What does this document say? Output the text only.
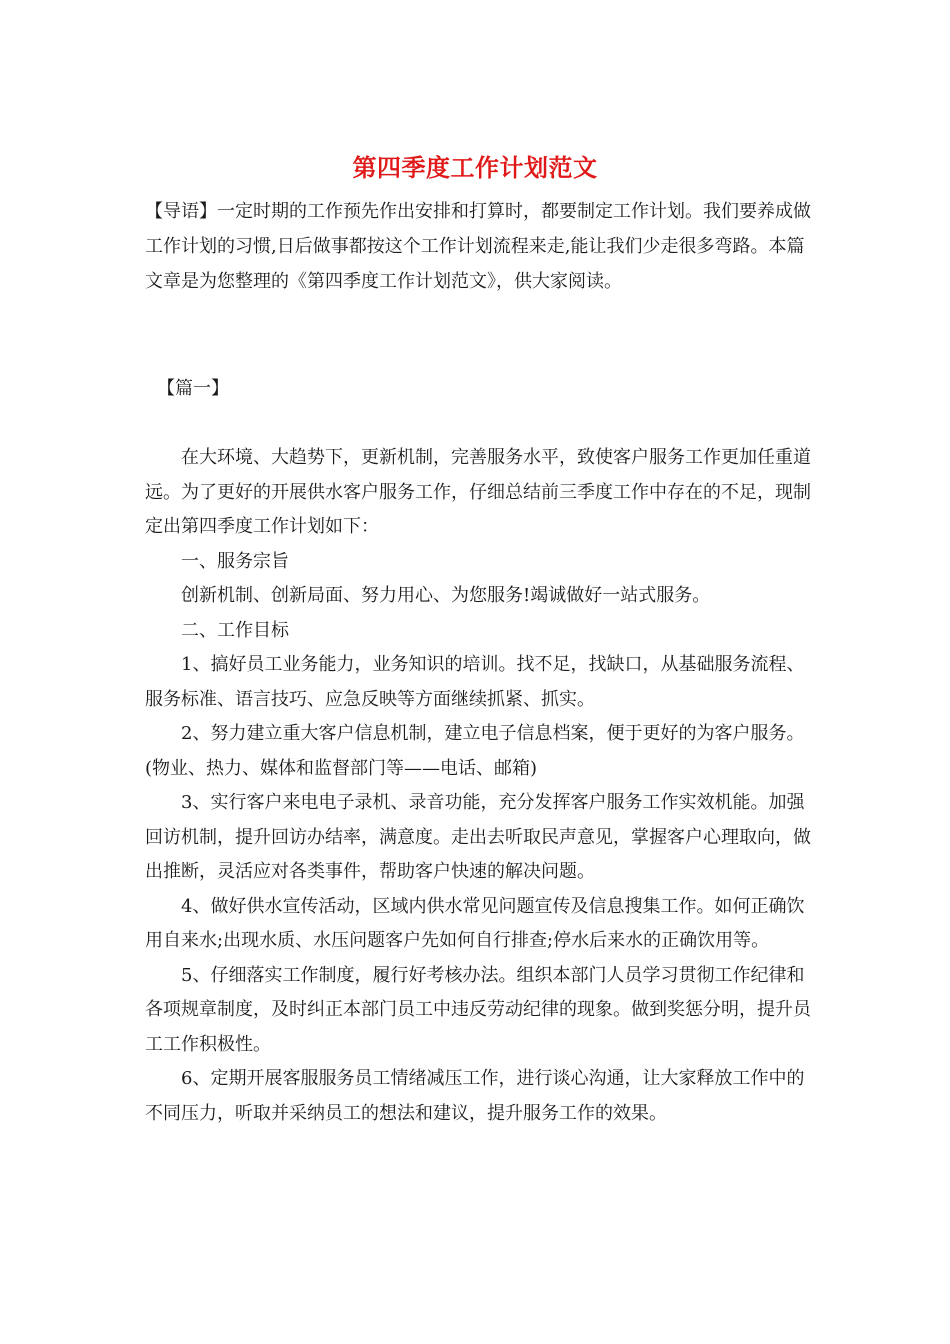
第四季度工作计划范文

【导语】一定时期的工作预先作出安排和打算时，都要制定工作计划。我们要养成做工作计划的习惯,日后做事都按这个工作计划流程来走,能让我们少走很多弯路。本篇文章是为您整理的《第四季度工作计划范文》，供大家阅读。

【篇一】

在大环境、大趋势下，更新机制，完善服务水平，致使客户服务工作更加任重道远。为了更好的开展供水客户服务工作，仔细总结前三季度工作中存在的不足，现制定出第四季度工作计划如下：

一、服务宗旨

创新机制、创新局面、努力用心、为您服务!竭诚做好一站式服务。

二、工作目标

1、搞好员工业务能力，业务知识的培训。找不足，找缺口，从基础服务流程、服务标准、语言技巧、应急反映等方面继续抓紧、抓实。

2、努力建立重大客户信息机制，建立电子信息档案，便于更好的为客户服务。(物业、热力、媒体和监督部门等——电话、邮箱)

3、实行客户来电电子录机、录音功能，充分发挥客户服务工作实效机能。加强回访机制，提升回访办结率，满意度。走出去听取民声意见，掌握客户心理取向，做出推断，灵活应对各类事件，帮助客户快速的解决问题。

4、做好供水宣传活动，区域内供水常见问题宣传及信息搜集工作。如何正确饮用自来水;出现水质、水压问题客户先如何自行排查;停水后来水的正确饮用等。

5、仔细落实工作制度，履行好考核办法。组织本部门人员学习贯彻工作纪律和各项规章制度，及时纠正本部门员工中违反劳动纪律的现象。做到奖惩分明，提升员工工作积极性。

6、定期开展客服服务员工情绪减压工作，进行谈心沟通，让大家释放工作中的不同压力，听取并采纳员工的想法和建议，提升服务工作的效果。
